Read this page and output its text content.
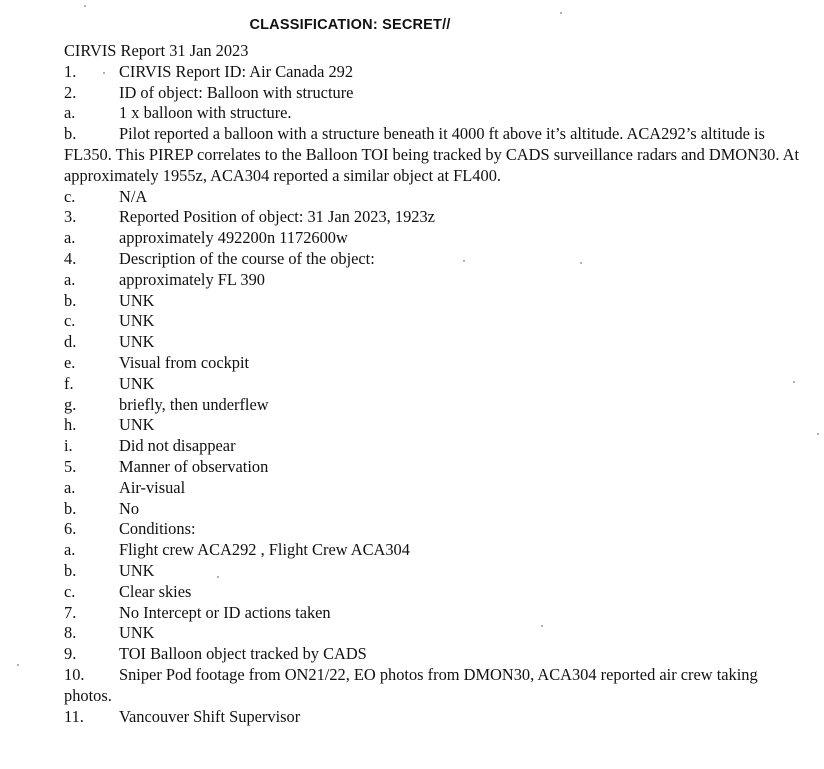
CLASSIFICATION: SECRET//

CIRVIS Report 31 Jan 2023

1.	CIRVIS Report ID: Air Canada 292
2.	ID of object: Balloon with structure
a.	1 x balloon with structure.
b.	Pilot reported a balloon with a structure beneath it 4000 ft above it’s altitude. ACA292’s altitude is FL350. This PIREP correlates to the Balloon TOI being tracked by CADS surveillance radars and DMON30. At approximately 1955z, ACA304 reported a similar object at FL400.
c.	N/A
3.	Reported Position of object: 31 Jan 2023, 1923z
a.	approximately 492200n 1172600w
4.	Description of the course of the object:
a.	approximately FL 390
b.	UNK
c.	UNK
d.	UNK
e.	Visual from cockpit
f.	UNK
g.	briefly, then underflew
h.	UNK
i.	Did not disappear
5.	Manner of observation
a.	Air-visual
b.	No
6.	Conditions:
a.	Flight crew ACA292 , Flight Crew ACA304
b.	UNK
c.	Clear skies
7.	No Intercept or ID actions taken
8.	UNK
9.	TOI Balloon object tracked by CADS
10.	Sniper Pod footage from ON21/22, EO photos from DMON30, ACA304 reported air crew taking photos.
11.	Vancouver Shift Supervisor
